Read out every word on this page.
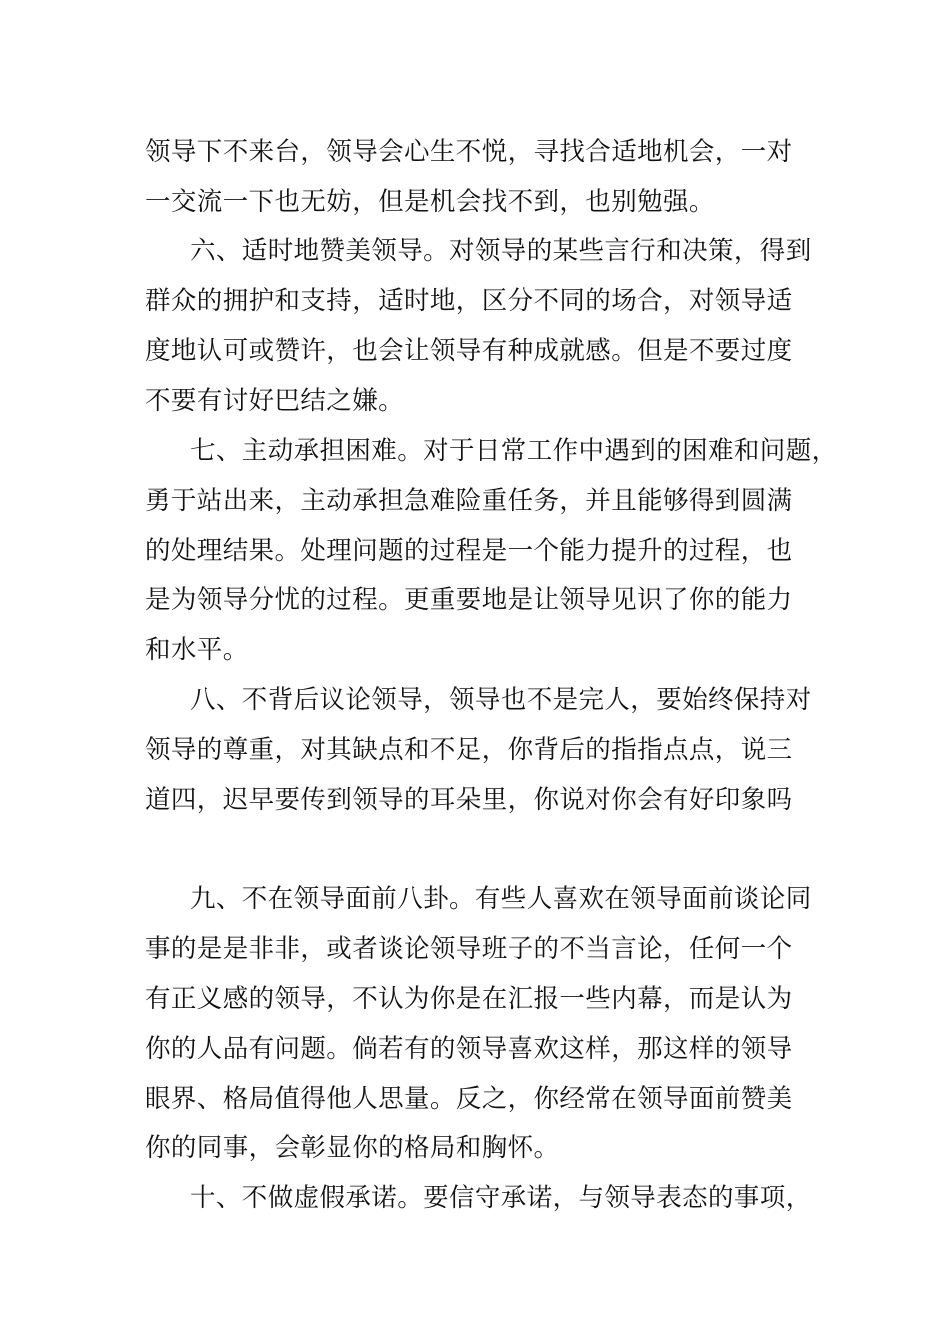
领导下不来台，领导会心生不悦，寻找合适地机会，一对
一交流一下也无妨，但是机会找不到，也别勉强。
六、适时地赞美领导。对领导的某些言行和决策，得到
群众的拥护和支持，适时地，区分不同的场合，对领导适
度地认可或赞许，也会让领导有种成就感。但是不要过度
不要有讨好巴结之嫌。
七、主动承担困难。对于日常工作中遇到的困难和问题，
勇于站出来，主动承担急难险重任务，并且能够得到圆满
的处理结果。处理问题的过程是一个能力提升的过程，也
是为领导分忧的过程。更重要地是让领导见识了你的能力
和水平。
八、不背后议论领导，领导也不是完人，要始终保持对
领导的尊重，对其缺点和不足，你背后的指指点点，说三
道四，迟早要传到领导的耳朵里，你说对你会有好印象吗
九、不在领导面前八卦。有些人喜欢在领导面前谈论同
事的是是非非，或者谈论领导班子的不当言论，任何一个
有正义感的领导，不认为你是在汇报一些内幕，而是认为
你的人品有问题。倘若有的领导喜欢这样，那这样的领导
眼界、格局值得他人思量。反之，你经常在领导面前赞美
你的同事，会彰显你的格局和胸怀。
十、不做虚假承诺。要信守承诺，与领导表态的事项，
